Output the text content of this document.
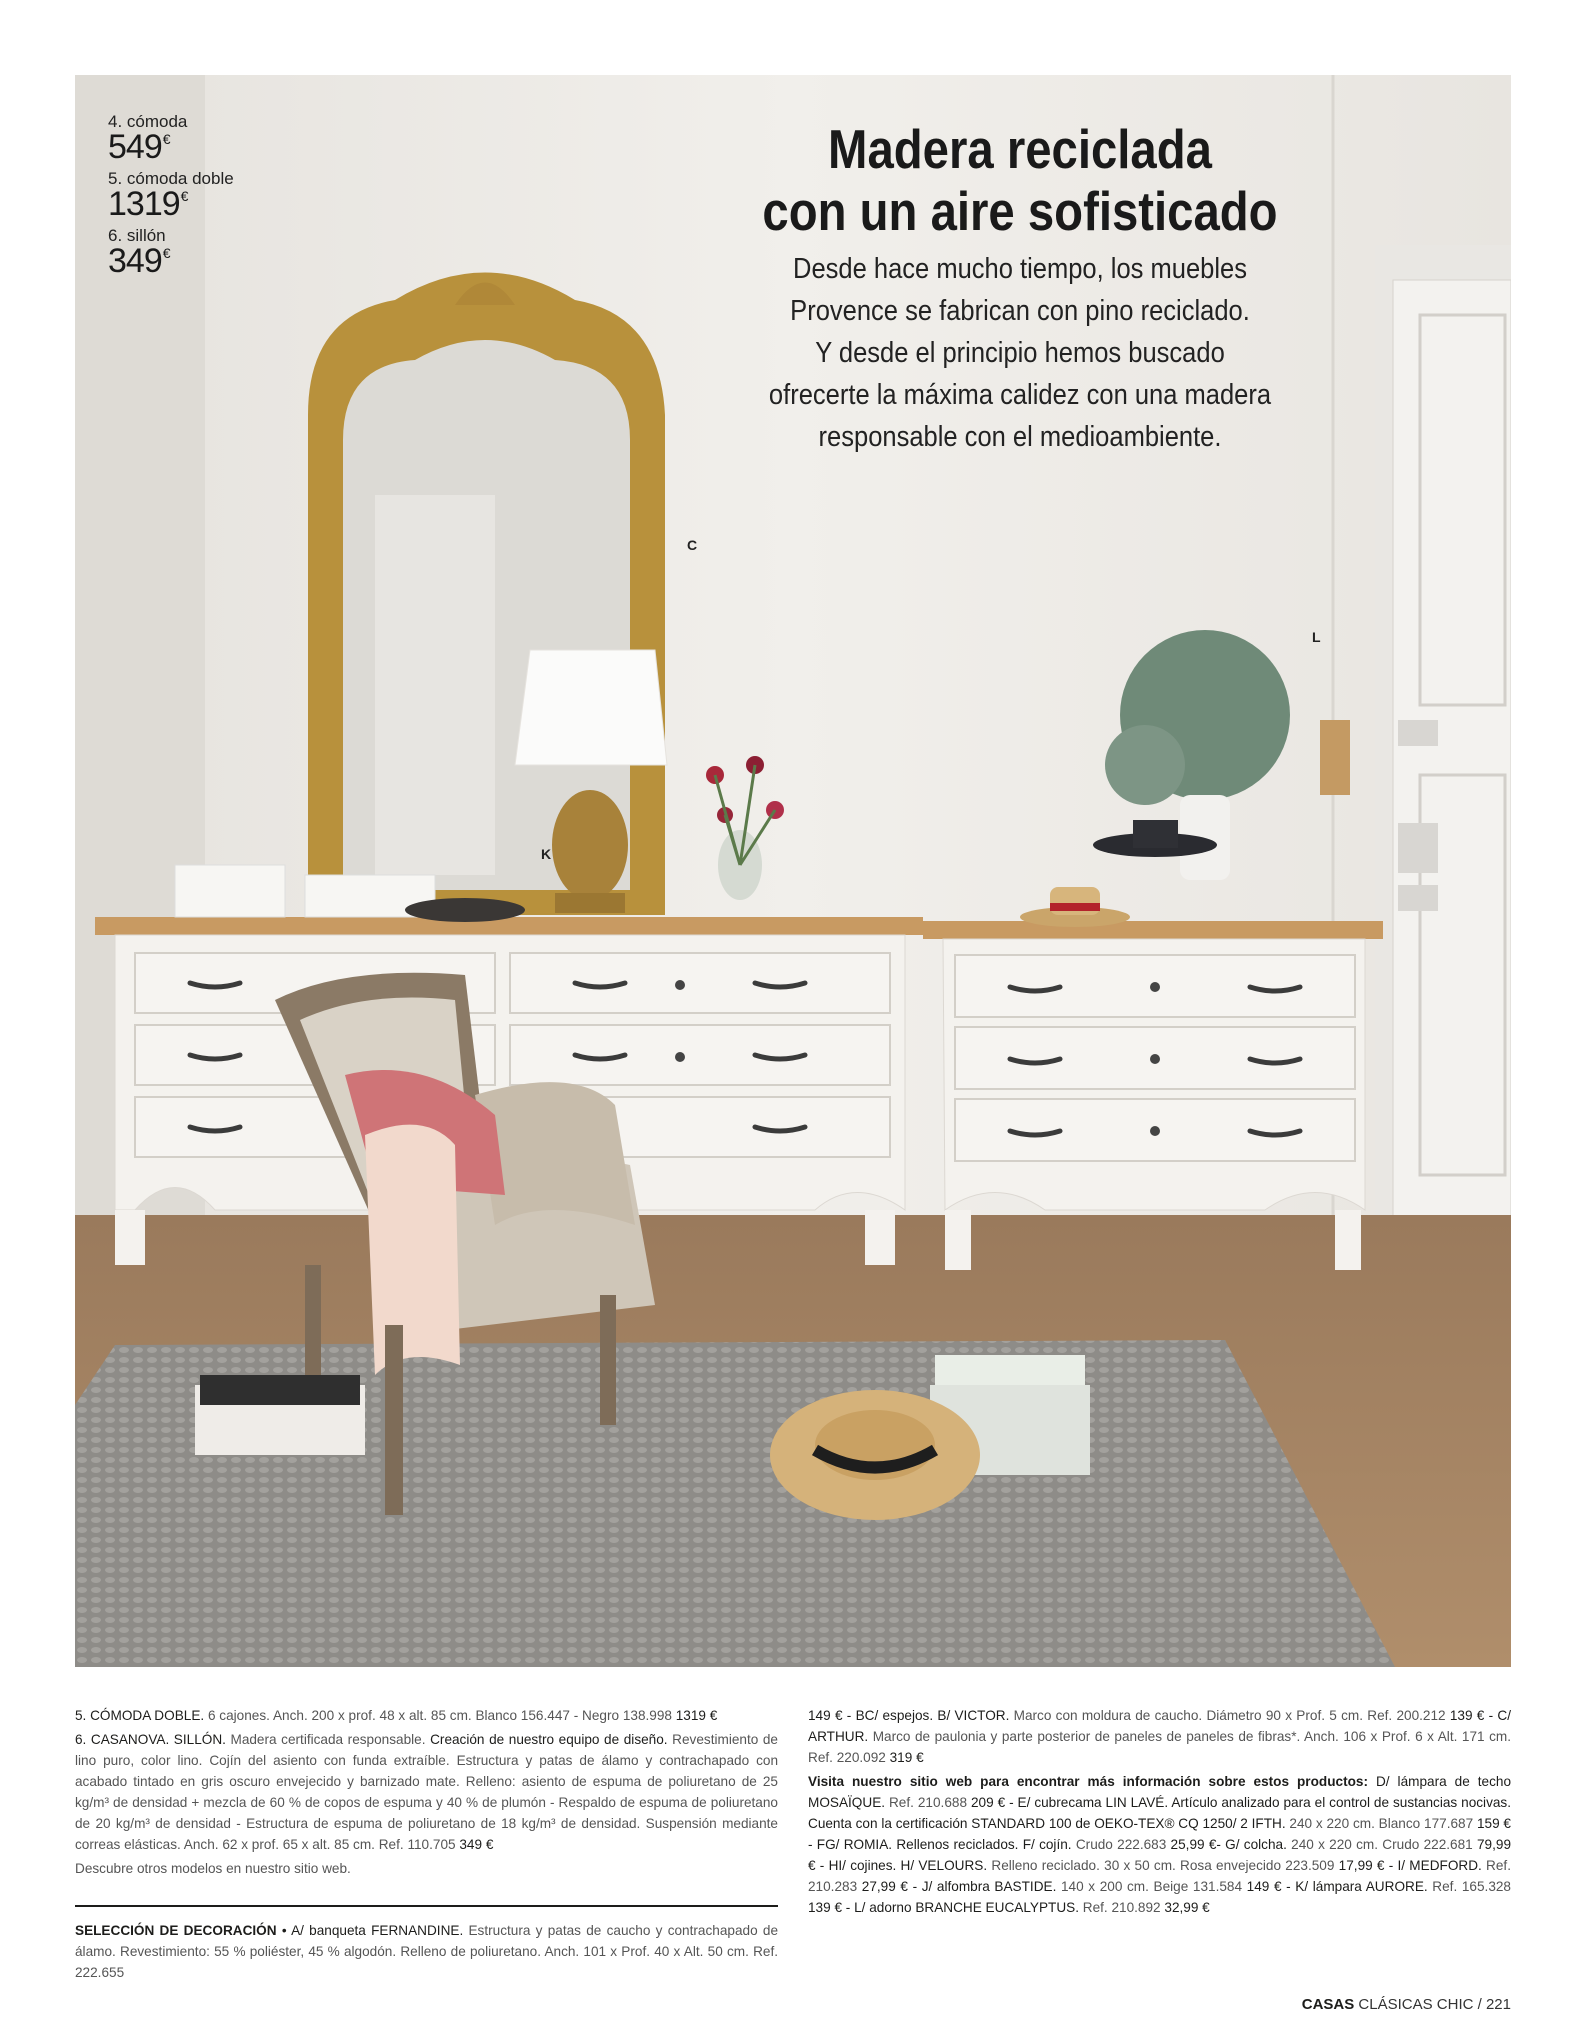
4. cómoda
549€
5. cómoda doble
1319€
6. sillón
349€
Madera reciclada
con un aire sofisticado

Desde hace mucho tiempo, los muebles
Provence se fabrican con pino reciclado.
Y desde el principio hemos buscado
ofrecerte la máxima calidez con una madera
responsable con el medioambiente.

C
K
L

5. CÓMODA DOBLE. 6 cajones. Anch. 200 x prof. 48 x alt. 85 cm. Blanco 156.447 - Negro 138.998 1319 €

6. CASANOVA. SILLÓN. Madera certificada responsable. Creación de nuestro equipo de diseño. Revestimiento de lino puro, color lino. Cojín del asiento con funda extraíble. Estructura y patas de álamo y contrachapado con acabado tintado en gris oscuro envejecido y barnizado mate. Relleno: asiento de espuma de poliuretano de 25 kg/m³ de densidad + mezcla de 60 % de copos de espuma y 40 % de plumón - Respaldo de espuma de poliuretano de 20 kg/m³ de densidad - Estructura de espuma de poliuretano de 18 kg/m³ de densidad. Suspensión mediante correas elásticas. Anch. 62 x prof. 65 x alt. 85 cm. Ref. 110.705 349 €

Descubre otros modelos en nuestro sitio web.

SELECCIÓN DE DECORACIÓN • A/ banqueta FERNANDINE. Estructura y patas de caucho y contrachapado de álamo. Revestimiento: 55 % poliéster, 45 % algodón. Relleno de poliuretano. Anch. 101 x Prof. 40 x Alt. 50 cm. Ref. 222.655

149 € - BC/ espejos. B/ VICTOR. Marco con moldura de caucho. Diámetro 90 x Prof. 5 cm. Ref. 200.212 139 € - C/ ARTHUR. Marco de paulonia y parte posterior de paneles de paneles de fibras*. Anch. 106 x Prof. 6 x Alt. 171 cm. Ref. 220.092 319 €

Visita nuestro sitio web para encontrar más información sobre estos productos: D/ lámpara de techo MOSAÏQUE. Ref. 210.688 209 € - E/ cubrecama LIN LAVÉ. Artículo analizado para el control de sustancias nocivas. Cuenta con la certificación STANDARD 100 de OEKO-TEX® CQ 1250/ 2 IFTH. 240 x 220 cm. Blanco 177.687 159 € - FG/ ROMIA. Rellenos reciclados. F/ cojín. Crudo 222.683 25,99 €- G/ colcha. 240 x 220 cm. Crudo 222.681 79,99 € - HI/ cojines. H/ VELOURS. Relleno reciclado. 30 x 50 cm. Rosa envejecido 223.509 17,99 € - I/ MEDFORD. Ref. 210.283 27,99 € - J/ alfombra BASTIDE. 140 x 200 cm. Beige 131.584 149 € - K/ lámpara AURORE. Ref. 165.328 139 € - L/ adorno BRANCHE EUCALYPTUS. Ref. 210.892 32,99 €

CASAS CLÁSICAS CHIC / 221
